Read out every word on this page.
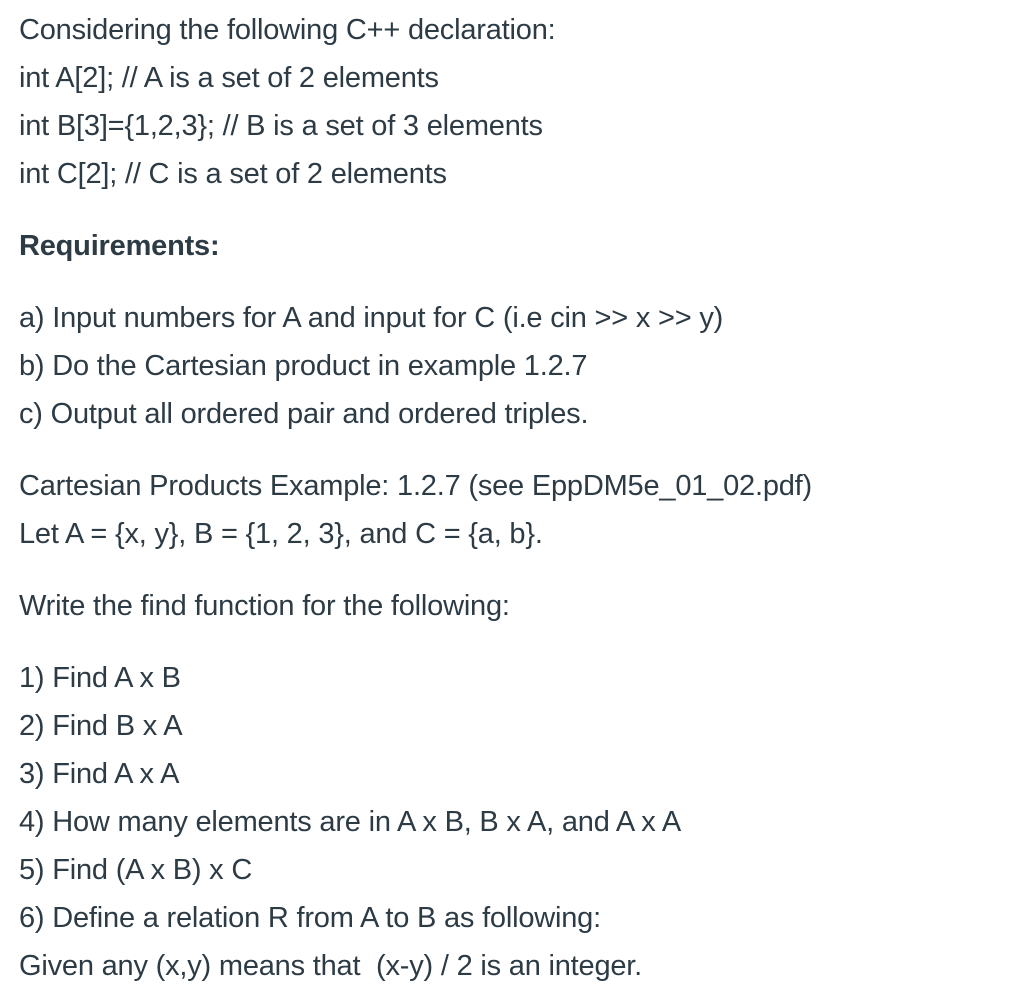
Considering the following C++ declaration:
int A[2]; // A is a set of 2 elements
int B[3]={1,2,3}; // B is a set of 3 elements
int C[2]; // C is a set of 2 elements
Requirements:
a) Input numbers for A and input for C (i.e cin >> x >> y)
b) Do the Cartesian product in example 1.2.7
c) Output all ordered pair and ordered triples.
Cartesian Products Example: 1.2.7 (see EppDM5e_01_02.pdf)
Let A = {x, y}, B = {1, 2, 3}, and C = {a, b}.
Write the find function for the following:
1) Find A x B
2) Find B x A
3) Find A x A
4) How many elements are in A x B, B x A, and A x A
5) Find (A x B) x C
6) Define a relation R from A to B as following:
Given any (x,y) means that  (x-y) / 2 is an integer.
